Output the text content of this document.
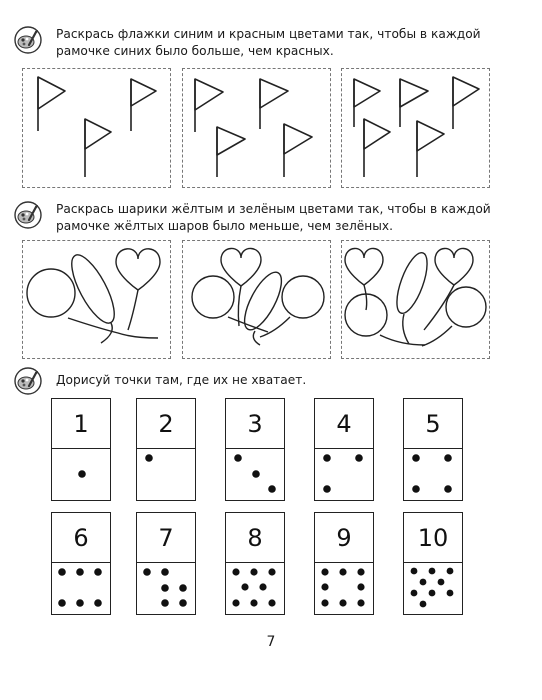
Раскрась флажки синим и красным цветами так, чтобы в каждой рамочке синих было больше, чем красных.
Раскрась шарики жёлтым и зелёным цветами так, чтобы в каждой рамочке жёлтых шаров было меньше, чем зелёных.
Дорисуй точки там, где их не хватает.
1	2	3	4	5
6	7	8	9	10
7
